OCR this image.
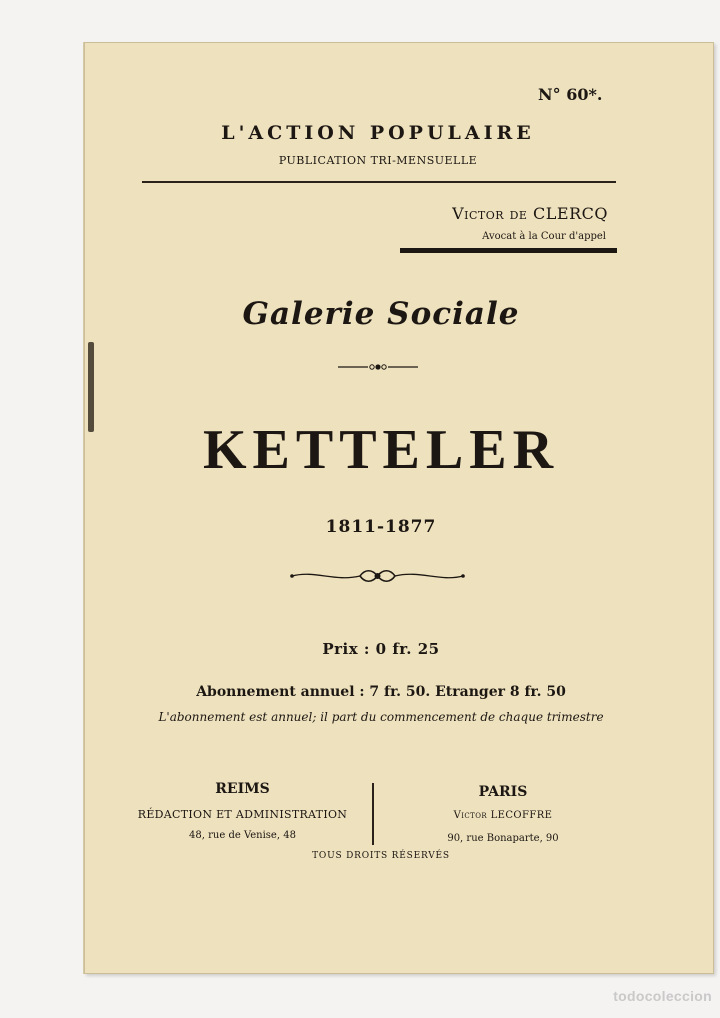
N° 60*.
L'ACTION POPULAIRE
PUBLICATION TRI-MENSUELLE
Victor de CLERCQ
Avocat à la Cour d'appel
Galerie Sociale
KETTELER
1811-1877
Prix : 0 fr. 25
Abonnement annuel : 7 fr. 50. Etranger 8 fr. 50
L'abonnement est annuel; il part du commencement de chaque trimestre
REIMS
RÉDACTION ET ADMINISTRATION
48, rue de Venise, 48
PARIS
Victor LECOFFRE
90, rue Bonaparte, 90
TOUS DROITS RÉSERVÉS
todocoleccion
